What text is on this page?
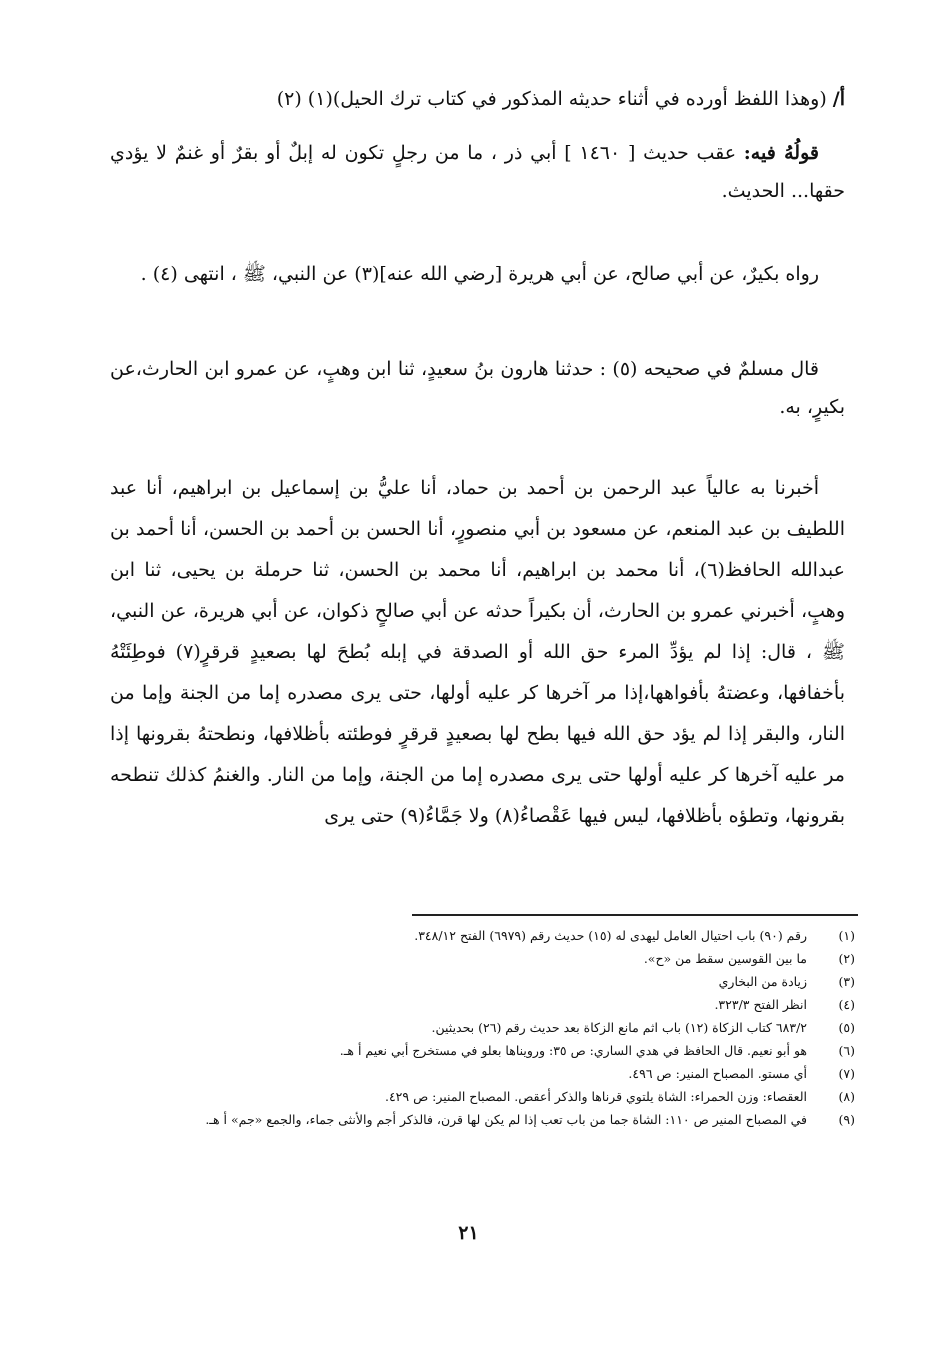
أ/(وهذا اللفظ أورده في أثناء حديثه المذكور في كتاب ترك الحيل)(١) (٢)

قولُهُ فيه: عقب حديث [ ١٤٦٠ ] أبي ذر ، ما من رجلٍ تكون له إبلٌ أو بقرٌ أو غنمٌ لا يؤدي حقها... الحديث.

رواه بكيرٌ، عن أبي صالح، عن أبي هريرة [رضي الله عنه](٣) عن النبي، ﷺ ، انتهى (٤) .

قال مسلمٌ في صحيحه (٥) : حدثنا هارون بنُ سعيدٍ، ثنا ابن وهبٍ، عن عمرو ابن الحارث،عن بكيرٍ، به.

أخبرنا به عالياً عبد الرحمن بن أحمد بن حماد، أنا عليُّ بن إسماعيل بن ابراهيم، أنا عبد اللطيف بن عبد المنعم، عن مسعود بن أبي منصورٍ، أنا الحسن بن أحمد بن الحسن، أنا أحمد بن عبدالله الحافظ(٦)، أنا محمد بن ابراهيم، أنا محمد بن الحسن، ثنا حرملة بن يحيى، ثنا ابن وهبٍ، أخبرني عمرو بن الحارث، أن بكيراً حدثه عن أبي صالحٍ ذكوان، عن أبي هريرة، عن النبي، ﷺ ، قال: إذا لم يؤدِّ المرء حق الله أو الصدقة في إبله بُطحَ لها بصعيدٍ قرقرٍ(٧) فوطِئَتْهُ بأخفافها، وعضتهُ بأفواهها،إذا مر آخرها كر عليه أولها، حتى يرى مصدره إما من الجنة وإما من النار، والبقر إذا لم يؤد حق الله فيها بطح لها بصعيدٍ قرقرٍ فوطئته بأظلافها، ونطحتهُ بقرونها إذا مر عليه آخرها كر عليه أولها حتى يرى مصدره إما من الجنة، وإما من النار. والغنمُ كذلك تنطحه بقرونها، وتطؤه بأظلافها، ليس فيها عَقْصاءُ(٨) ولا جَمَّاءُ(٩) حتى يرى

(١)
رقم (٩٠) باب احتيال العامل ليهدى له (١٥) حديث رقم (٦٩٧٩) الفتح ٣٤٨/١٢.
(٢)
ما بين القوسين سقط من «ح».
(٣)
زيادة من البخاري
(٤)
انظر الفتح ٣٢٣/٣.
(٥)
٦٨٣/٢ كتاب الزكاة (١٢) باب اثم مانع الزكاة بعد حديث رقم (٢٦) بحديثين.
(٦)
هو أبو نعيم. قال الحافظ في هدي الساري: ص ٣٥: ورويناها بعلو في مستخرج أبي نعيم أ هـ.
(٧)
أي مستو. المصباح المنير: ص ٤٩٦.
(٨)
العقصاء: وزن الحمراء: الشاة يلتوي قرناها والذكر أعقص. المصباح المنير: ص ٤٢٩.
(٩)
في المصباح المنير ص ١١٠: الشاة جما من باب تعب إذا لم يكن لها قرن، فالذكر أجم والأنثى جماء، والجمع «جم» أ هـ.
٢١
